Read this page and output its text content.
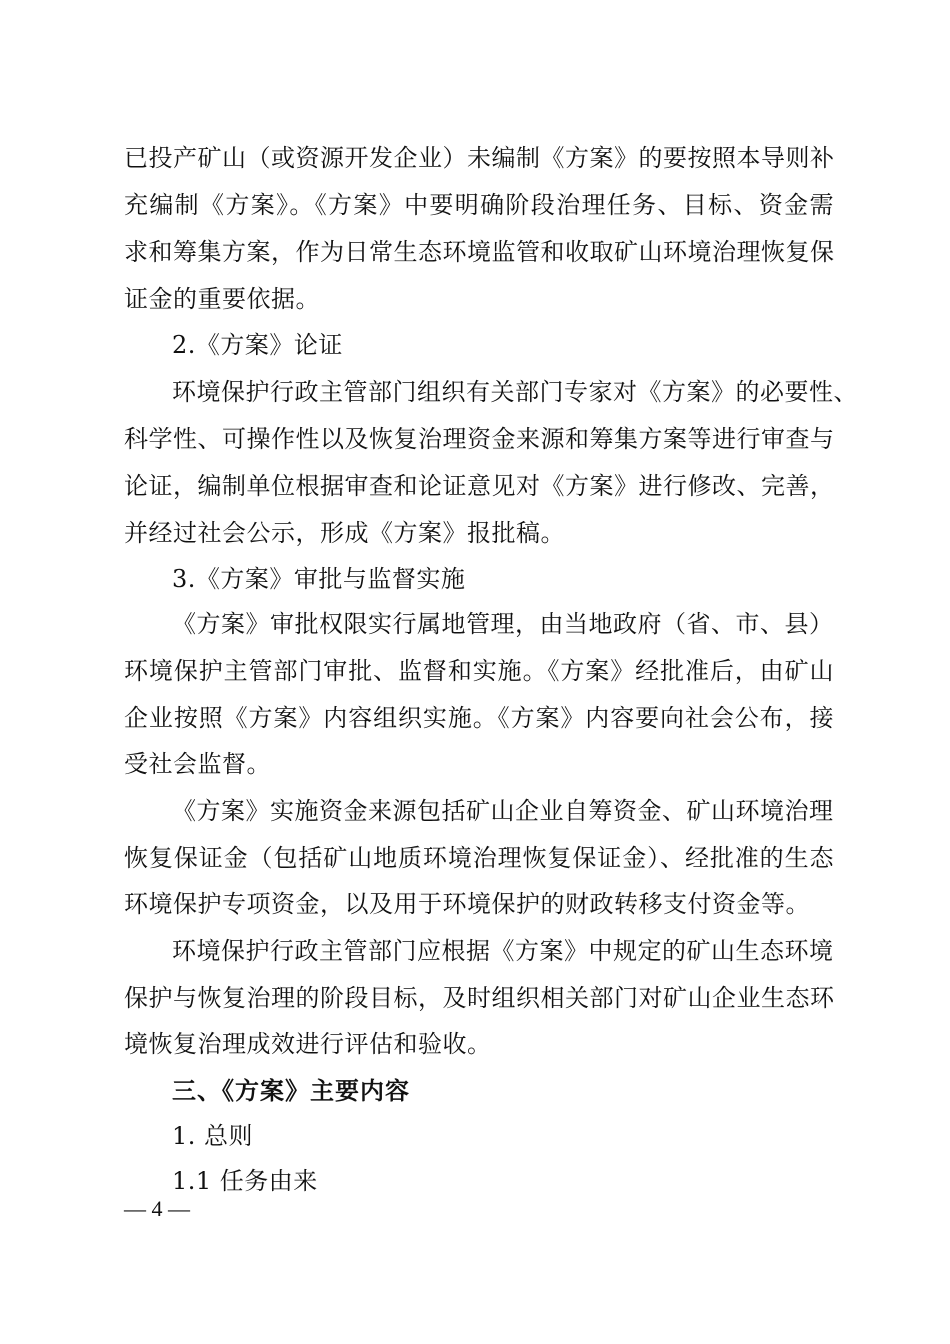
已投产矿山（或资源开发企业）未编制《方案》的要按照本导则补
充编制《方案》。《方案》中要明确阶段治理任务、目标、资金需
求和筹集方案，作为日常生态环境监管和收取矿山环境治理恢复保
证金的重要依据。
2.《方案》论证
环境保护行政主管部门组织有关部门专家对《方案》的必要性、
科学性、可操作性以及恢复治理资金来源和筹集方案等进行审查与
论证，编制单位根据审查和论证意见对《方案》进行修改、完善，
并经过社会公示，形成《方案》报批稿。
3.《方案》审批与监督实施
《方案》审批权限实行属地管理，由当地政府（省、市、县）
环境保护主管部门审批、监督和实施。《方案》经批准后，由矿山
企业按照《方案》内容组织实施。《方案》内容要向社会公布，接
受社会监督。
《方案》实施资金来源包括矿山企业自筹资金、矿山环境治理
恢复保证金（包括矿山地质环境治理恢复保证金）、经批准的生态
环境保护专项资金，以及用于环境保护的财政转移支付资金等。
环境保护行政主管部门应根据《方案》中规定的矿山生态环境
保护与恢复治理的阶段目标，及时组织相关部门对矿山企业生态环
境恢复治理成效进行评估和验收。
三、《方案》主要内容
1. 总则
1.1 任务由来
— 4 —
